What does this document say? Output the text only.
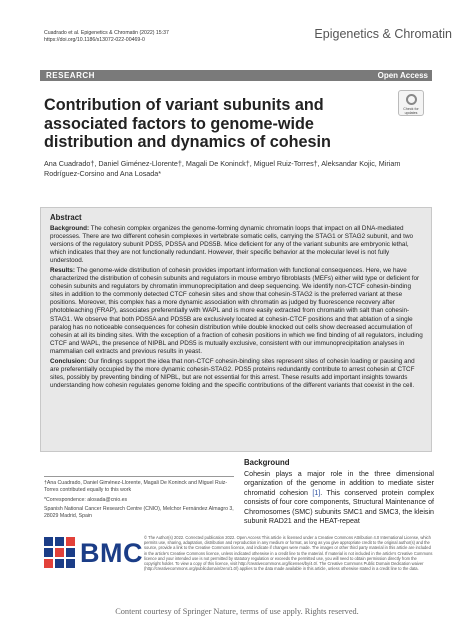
Cuadrado et al. Epigenetics & Chromatin (2022) 15:37
https://doi.org/10.1186/s13072-022-00469-0	Epigenetics & Chromatin
RESEARCH	Open Access
Contribution of variant subunits and associated factors to genome-wide distribution and dynamics of cohesin
Check for updates
Ana Cuadrado†, Daniel Giménez-Llorente†, Magali De Koninck†, Miguel Ruiz-Torres†, Aleksandar Kojic, Miriam Rodríguez-Corsino and Ana Losada*
Abstract

Background: The cohesin complex organizes the genome-forming dynamic chromatin loops that impact on all DNA-mediated processes. There are two different cohesin complexes in vertebrate somatic cells, carrying the STAG1 or STAG2 subunit, and two versions of the regulatory subunit PDS5, PDS5A and PDS5B. Mice deficient for any of the variant subunits are embryonic lethal, which indicates that they are not functionally redundant. However, their specific behavior at the molecular level is not fully understood.

Results: The genome-wide distribution of cohesin provides important information with functional consequences. Here, we have characterized the distribution of cohesin subunits and regulators in mouse embryo fibroblasts (MEFs) either wild type or deficient for cohesin subunits and regulators by chromatin immunoprecipitation and deep sequencing. We identify non-CTCF cohesin-binding sites in addition to the commonly detected CTCF cohesin sites and show that cohesin-STAG2 is the preferred variant at these positions. Moreover, this complex has a more dynamic association with chromatin as judged by fluorescence recovery after photobleaching (FRAP), associates preferentially with WAPL and is more easily extracted from chromatin with salt than cohesin-STAG1. We observe that both PDS5A and PDS5B are exclusively located at cohesin-CTCF positions and that ablation of a single paralog has no noticeable consequences for cohesin distribution while double knocked out cells show decreased accumulation of cohesin at all its binding sites. With the exception of a fraction of cohesin positions in which we find binding of all regulators, including CTCF and WAPL, the presence of NIPBL and PDS5 is mutually exclusive, consistent with our immunoprecipitation analyses in mammalian cell extracts and previous results in yeast.

Conclusion: Our findings support the idea that non-CTCF cohesin-binding sites represent sites of cohesin loading or pausing and are preferentially occupied by the more dynamic cohesin-STAG2. PDS5 proteins redundantly contribute to arrest cohesin at CTCF sites, possibly by preventing binding of NIPBL, but are not essential for this arrest. These results add important insights towards understanding how cohesin regulates genome folding and the specific contributions of the different variants that coexist in the cell.

†Ana Cuadrado, Daniel Giménez-Llorente, Magali De Koninck and Miguel Ruiz-Torres contributed equally to this work

*Correspondence: alosada@cnio.es

Spanish National Cancer Research Centre (CNIO), Melchor Fernández Almagro 3, 28029 Madrid, Spain

Background
Cohesin plays a major role in the three dimensional organization of the genome in addition to mediate sister chromatid cohesion [1]. This conserved protein complex consists of four core components, Structural Maintenance of Chromosomes (SMC) subunits SMC1 and SMC3, the kleisin subunit RAD21 and the HEAT-repeat
BMC
© The Author(s) 2022. Corrected publication 2022. Open Access This article is licensed under a Creative Commons Attribution 4.0 International License, which permits use, sharing, adaptation, distribution and reproduction in any medium or format, as long as you give appropriate credit to the original author(s) and the source, provide a link to the Creative Commons licence, and indicate if changes were made. The images or other third party material in this article are included in the article's Creative Commons licence, unless indicated otherwise in a credit line to the material. If material is not included in the article's Creative Commons licence and your intended use is not permitted by statutory regulation or exceeds the permitted use, you will need to obtain permission directly from the copyright holder. To view a copy of this licence, visit http://creativecommons.org/licenses/by/4.0/. The Creative Commons Public Domain Dedication waiver (http://creativecommons.org/publicdomain/zero/1.0/) applies to the data made available in this article, unless otherwise stated in a credit line to the data.
Content courtesy of Springer Nature, terms of use apply. Rights reserved.
